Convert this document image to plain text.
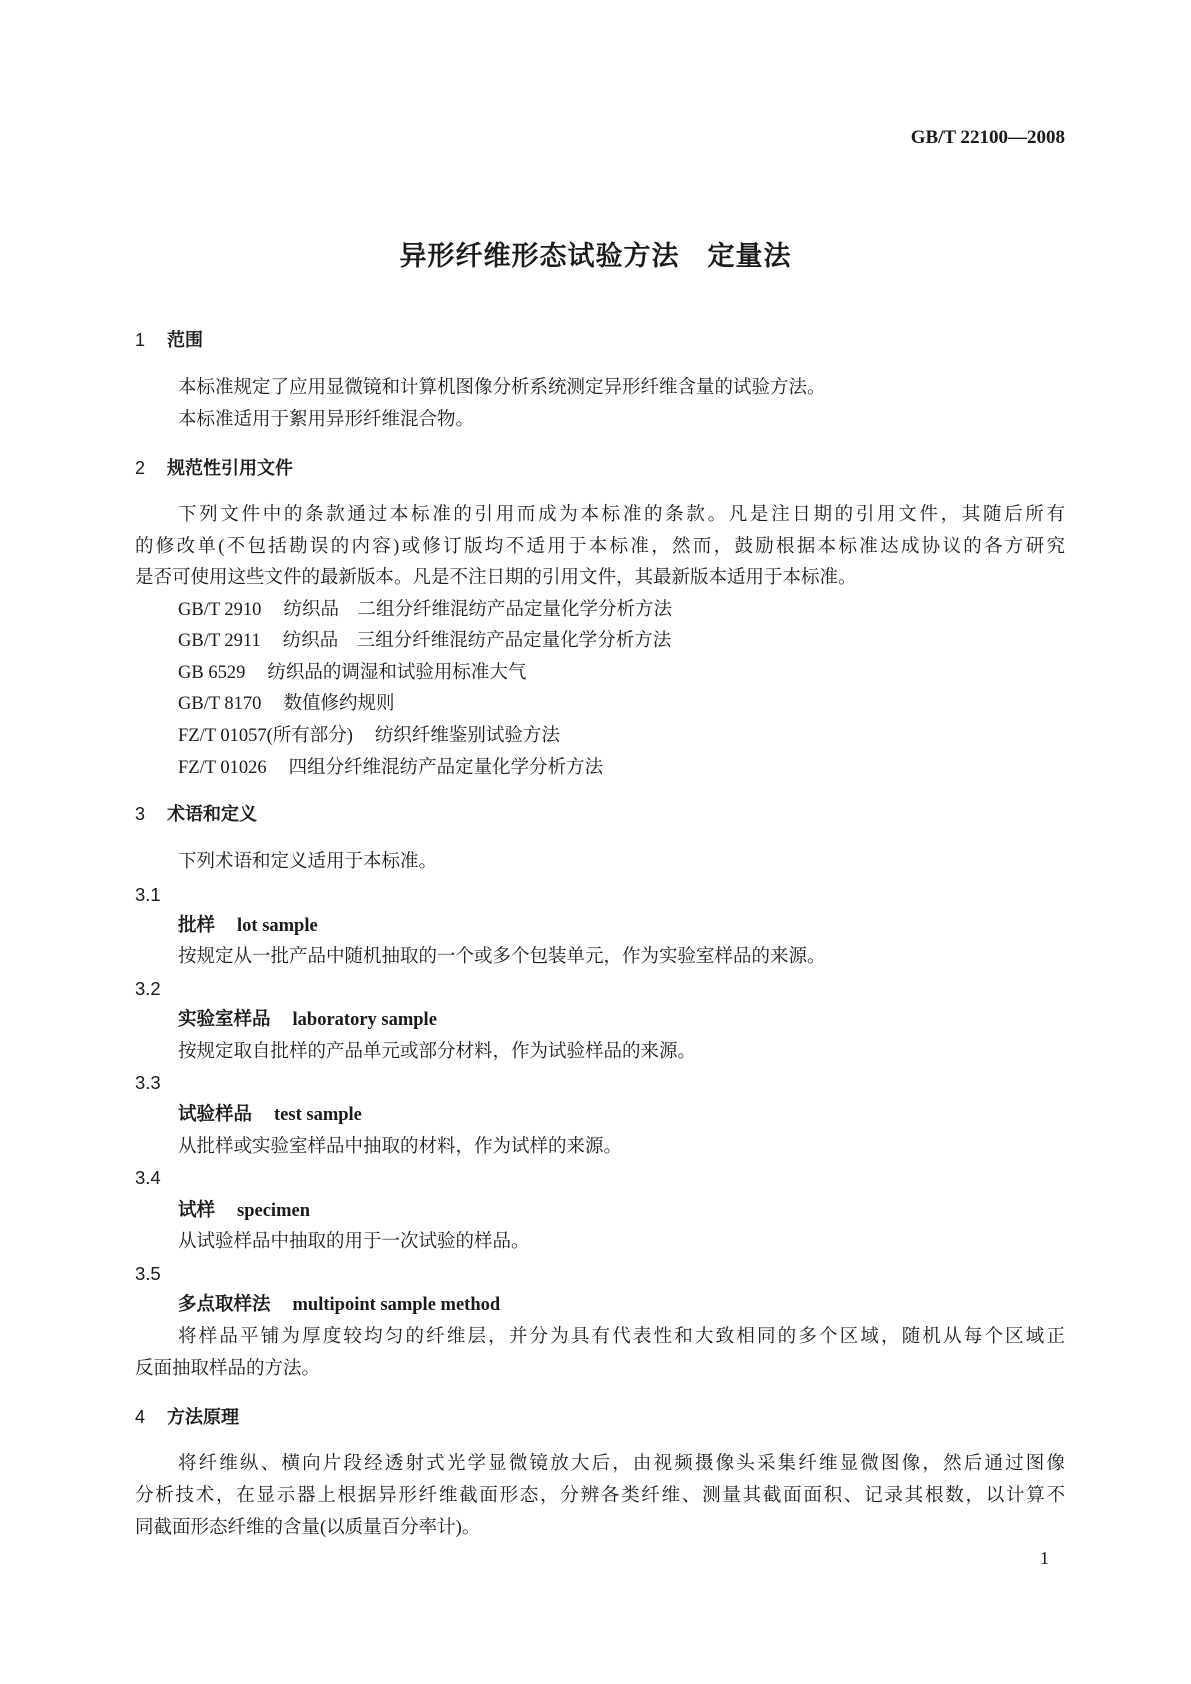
GB/T 22100—2008
异形纤维形态试验方法　定量法
1 范围
本标准规定了应用显微镜和计算机图像分析系统测定异形纤维含量的试验方法。
本标准适用于絮用异形纤维混合物。
2 规范性引用文件
下列文件中的条款通过本标准的引用而成为本标准的条款。凡是注日期的引用文件，其随后所有
的修改单(不包括勘误的内容)或修订版均不适用于本标准，然而，鼓励根据本标准达成协议的各方研究
是否可使用这些文件的最新版本。凡是不注日期的引用文件，其最新版本适用于本标准。
GB/T 2910 纺织品　二组分纤维混纺产品定量化学分析方法
GB/T 2911 纺织品　三组分纤维混纺产品定量化学分析方法
GB 6529 纺织品的调湿和试验用标准大气
GB/T 8170 数值修约规则
FZ/T 01057(所有部分) 纺织纤维鉴别试验方法
FZ/T 01026 四组分纤维混纺产品定量化学分析方法
3 术语和定义
下列术语和定义适用于本标准。
3.1
批样 lot sample
按规定从一批产品中随机抽取的一个或多个包装单元，作为实验室样品的来源。
3.2
实验室样品 laboratory sample
按规定取自批样的产品单元或部分材料，作为试验样品的来源。
3.3
试验样品 test sample
从批样或实验室样品中抽取的材料，作为试样的来源。
3.4
试样 specimen
从试验样品中抽取的用于一次试验的样品。
3.5
多点取样法 multipoint sample method
将样品平铺为厚度较均匀的纤维层，并分为具有代表性和大致相同的多个区域，随机从每个区域正
反面抽取样品的方法。
4 方法原理
将纤维纵、横向片段经透射式光学显微镜放大后，由视频摄像头采集纤维显微图像，然后通过图像
分析技术，在显示器上根据异形纤维截面形态，分辨各类纤维、测量其截面面积、记录其根数，以计算不
同截面形态纤维的含量(以质量百分率计)。
1
